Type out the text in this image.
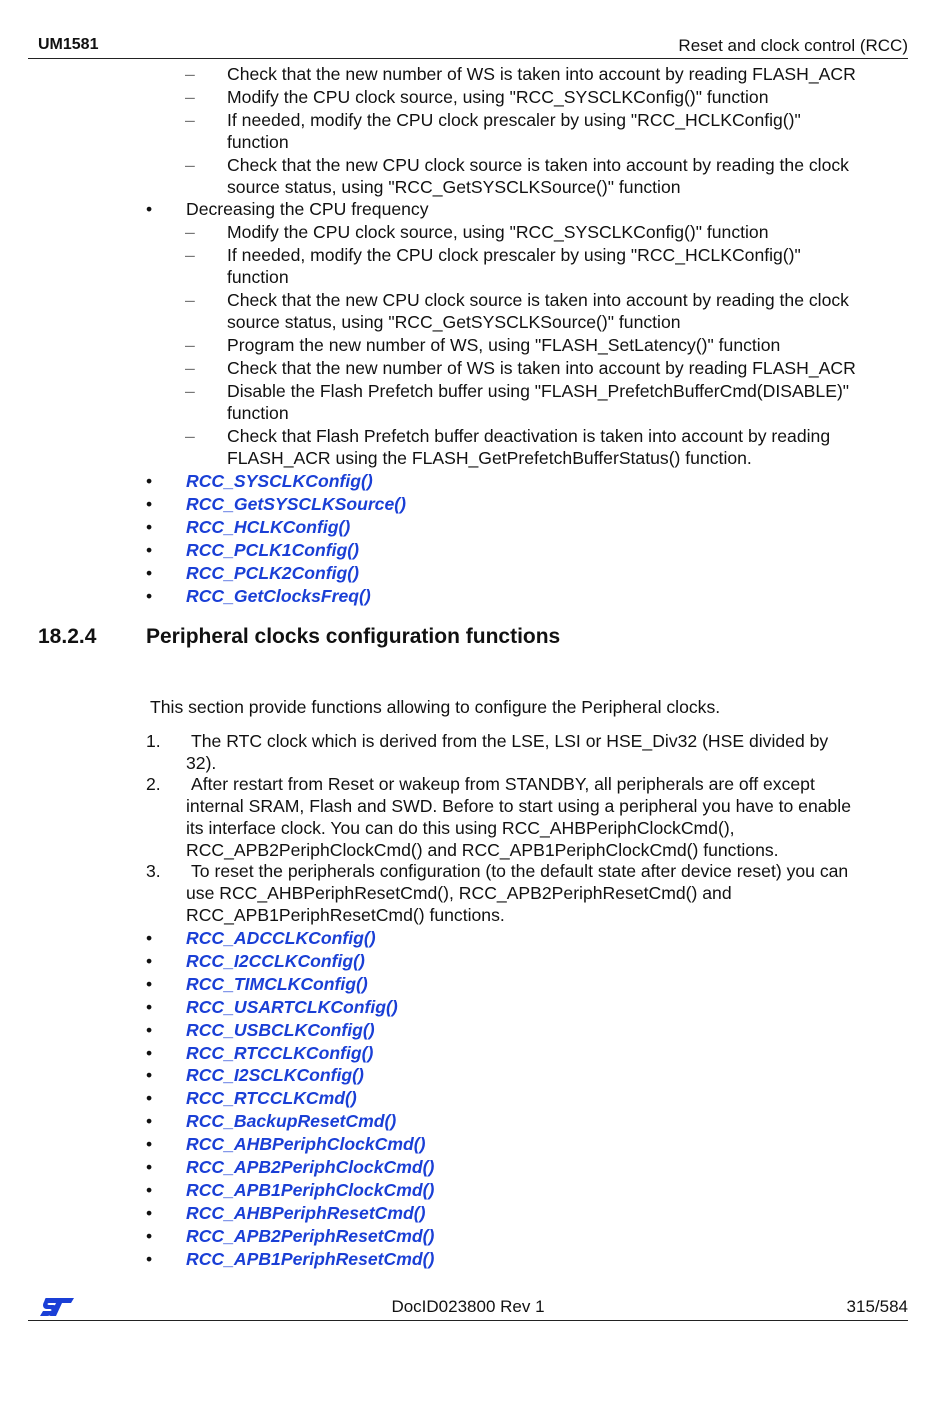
UM1581	Reset and clock control (RCC)
– Check that the new number of WS is taken into account by reading FLASH_ACR
– Modify the CPU clock source, using "RCC_SYSCLKConfig()" function
– If needed, modify the CPU clock prescaler by using "RCC_HCLKConfig()"
function
– Check that the new CPU clock source is taken into account by reading the clock
source status, using "RCC_GetSYSCLKSource()" function
• Decreasing the CPU frequency
– Modify the CPU clock source, using "RCC_SYSCLKConfig()" function
– If needed, modify the CPU clock prescaler by using "RCC_HCLKConfig()"
function
– Check that the new CPU clock source is taken into account by reading the clock
source status, using "RCC_GetSYSCLKSource()" function
– Program the new number of WS, using "FLASH_SetLatency()" function
– Check that the new number of WS is taken into account by reading FLASH_ACR
– Disable the Flash Prefetch buffer using "FLASH_PrefetchBufferCmd(DISABLE)"
function
– Check that Flash Prefetch buffer deactivation is taken into account by reading
FLASH_ACR using the FLASH_GetPrefetchBufferStatus() function.
• RCC_SYSCLKConfig()
• RCC_GetSYSCLKSource()
• RCC_HCLKConfig()
• RCC_PCLK1Config()
• RCC_PCLK2Config()
• RCC_GetClocksFreq()
18.2.4 Peripheral clocks configuration functions
This section provide functions allowing to configure the Peripheral clocks.
1. The RTC clock which is derived from the LSE, LSI or HSE_Div32 (HSE divided by
32).
2. After restart from Reset or wakeup from STANDBY, all peripherals are off except
internal SRAM, Flash and SWD. Before to start using a peripheral you have to enable
its interface clock. You can do this using RCC_AHBPeriphClockCmd(),
RCC_APB2PeriphClockCmd() and RCC_APB1PeriphClockCmd() functions.
3. To reset the peripherals configuration (to the default state after device reset) you can
use RCC_AHBPeriphResetCmd(), RCC_APB2PeriphResetCmd() and
RCC_APB1PeriphResetCmd() functions.
• RCC_ADCCLKConfig()
• RCC_I2CCLKConfig()
• RCC_TIMCLKConfig()
• RCC_USARTCLKConfig()
• RCC_USBCLKConfig()
• RCC_RTCCLKConfig()
• RCC_I2SCLKConfig()
• RCC_RTCCLKCmd()
• RCC_BackupResetCmd()
• RCC_AHBPeriphClockCmd()
• RCC_APB2PeriphClockCmd()
• RCC_APB1PeriphClockCmd()
• RCC_AHBPeriphResetCmd()
• RCC_APB2PeriphResetCmd()
• RCC_APB1PeriphResetCmd()
DocID023800 Rev 1	315/584
